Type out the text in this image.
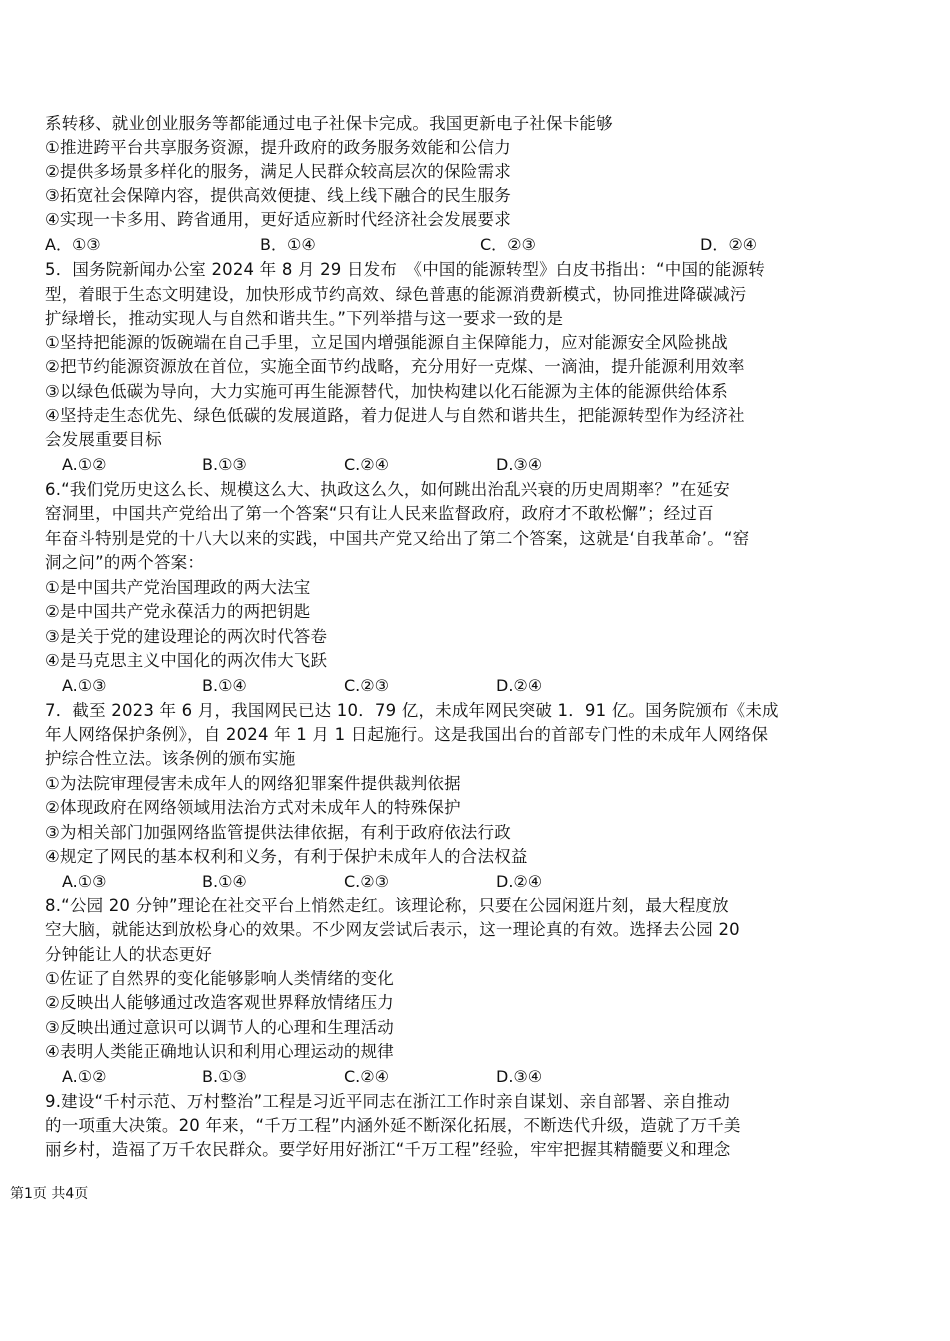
系转移、就业创业服务等都能通过电子社保卡完成。我国更新电子社保卡能够
①推进跨平台共享服务资源，提升政府的政务服务效能和公信力
②提供多场景多样化的服务，满足人民群众较高层次的保险需求
③拓宽社会保障内容，提供高效便捷、线上线下融合的民生服务
④实现一卡多用、跨省通用，更好适应新时代经济社会发展要求
A．①③	B．①④	C．②③	D．②④
5．国务院新闻办公室 2024 年 8 月 29 日发布　《中国的能源转型》白皮书指出：“中国的能源转
型，着眼于生态文明建设，加快形成节约高效、绿色普惠的能源消费新模式，协同推进降碳减污
扩绿增长，推动实现人与自然和谐共生。”下列举措与这一要求一致的是
①坚持把能源的饭碗端在自己手里，立足国内增强能源自主保障能力，应对能源安全风险挑战
②把节约能源资源放在首位，实施全面节约战略，充分用好一克煤、一滴油，提升能源利用效率
③以绿色低碳为导向，大力实施可再生能源替代，加快构建以化石能源为主体的能源供给体系
④坚持走生态优先、绿色低碳的发展道路，着力促进人与自然和谐共生，把能源转型作为经济社
会发展重要目标
A.①②	B.①③	C.②④	D.③④
6.“我们党历史这么长、规模这么大、执政这么久，如何跳出治乱兴衰的历史周期率？”在延安
窑洞里，中国共产党给出了第一个答案“只有让人民来监督政府，政府才不敢松懈”；经过百
年奋斗特别是党的十八大以来的实践，中国共产党又给出了第二个答案，这就是‘自我革命’。“窑
洞之问”的两个答案：
①是中国共产党治国理政的两大法宝
②是中国共产党永葆活力的两把钥匙
③是关于党的建设理论的两次时代答卷
④是马克思主义中国化的两次伟大飞跃
A.①③	B.①④	C.②③	D.②④
7．截至 2023 年 6 月，我国网民已达 10．79 亿，未成年网民突破 1．91 亿。国务院颁布《未成
年人网络保护条例》，自 2024 年 1 月 1 日起施行。这是我国出台的首部专门性的未成年人网络保
护综合性立法。该条例的颁布实施
①为法院审理侵害未成年人的网络犯罪案件提供裁判依据
②体现政府在网络领域用法治方式对未成年人的特殊保护
③为相关部门加强网络监管提供法律依据，有利于政府依法行政
④规定了网民的基本权利和义务，有利于保护未成年人的合法权益
A.①③	B.①④	C.②③	D.②④
8.“公园 20 分钟”理论在社交平台上悄然走红。该理论称，只要在公园闲逛片刻，最大程度放
空大脑，就能达到放松身心的效果。不少网友尝试后表示，这一理论真的有效。选择去公园 20
分钟能让人的状态更好
①佐证了自然界的变化能够影响人类情绪的变化
②反映出人能够通过改造客观世界释放情绪压力
③反映出通过意识可以调节人的心理和生理活动
④表明人类能正确地认识和利用心理运动的规律
A.①②	B.①③	C.②④	D.③④
9.建设“千村示范、万村整治”工程是习近平同志在浙江工作时亲自谋划、亲自部署、亲自推动
的一项重大决策。20 年来，“千万工程”内涵外延不断深化拓展，不断迭代升级，造就了万千美
丽乡村，造福了万千农民群众。要学好用好浙江“千万工程”经验，牢牢把握其精髓要义和理念
第1页 共4页
